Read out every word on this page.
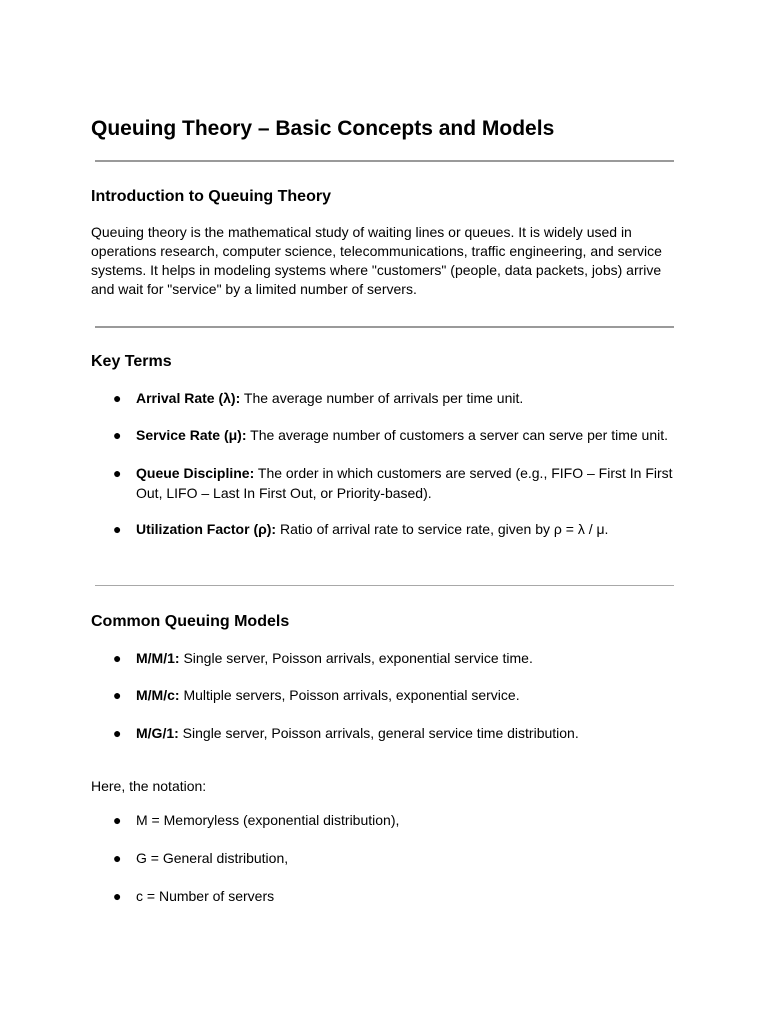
Queuing Theory – Basic Concepts and Models
Introduction to Queuing Theory

Queuing theory is the mathematical study of waiting lines or queues. It is widely used in operations research, computer science, telecommunications, traffic engineering, and service systems. It helps in modeling systems where "customers" (people, data packets, jobs) arrive and wait for "service" by a limited number of servers.

Key Terms
● Arrival Rate (λ): The average number of arrivals per time unit.
● Service Rate (μ): The average number of customers a server can serve per time unit.
● Queue Discipline: The order in which customers are served (e.g., FIFO – First In First Out, LIFO – Last In First Out, or Priority-based).
● Utilization Factor (ρ): Ratio of arrival rate to service rate, given by ρ = λ / μ.
Common Queuing Models
● M/M/1: Single server, Poisson arrivals, exponential service time.
● M/M/c: Multiple servers, Poisson arrivals, exponential service.
● M/G/1: Single server, Poisson arrivals, general service time distribution.

Here, the notation:

● M = Memoryless (exponential distribution),
● G = General distribution,
● c = Number of servers
